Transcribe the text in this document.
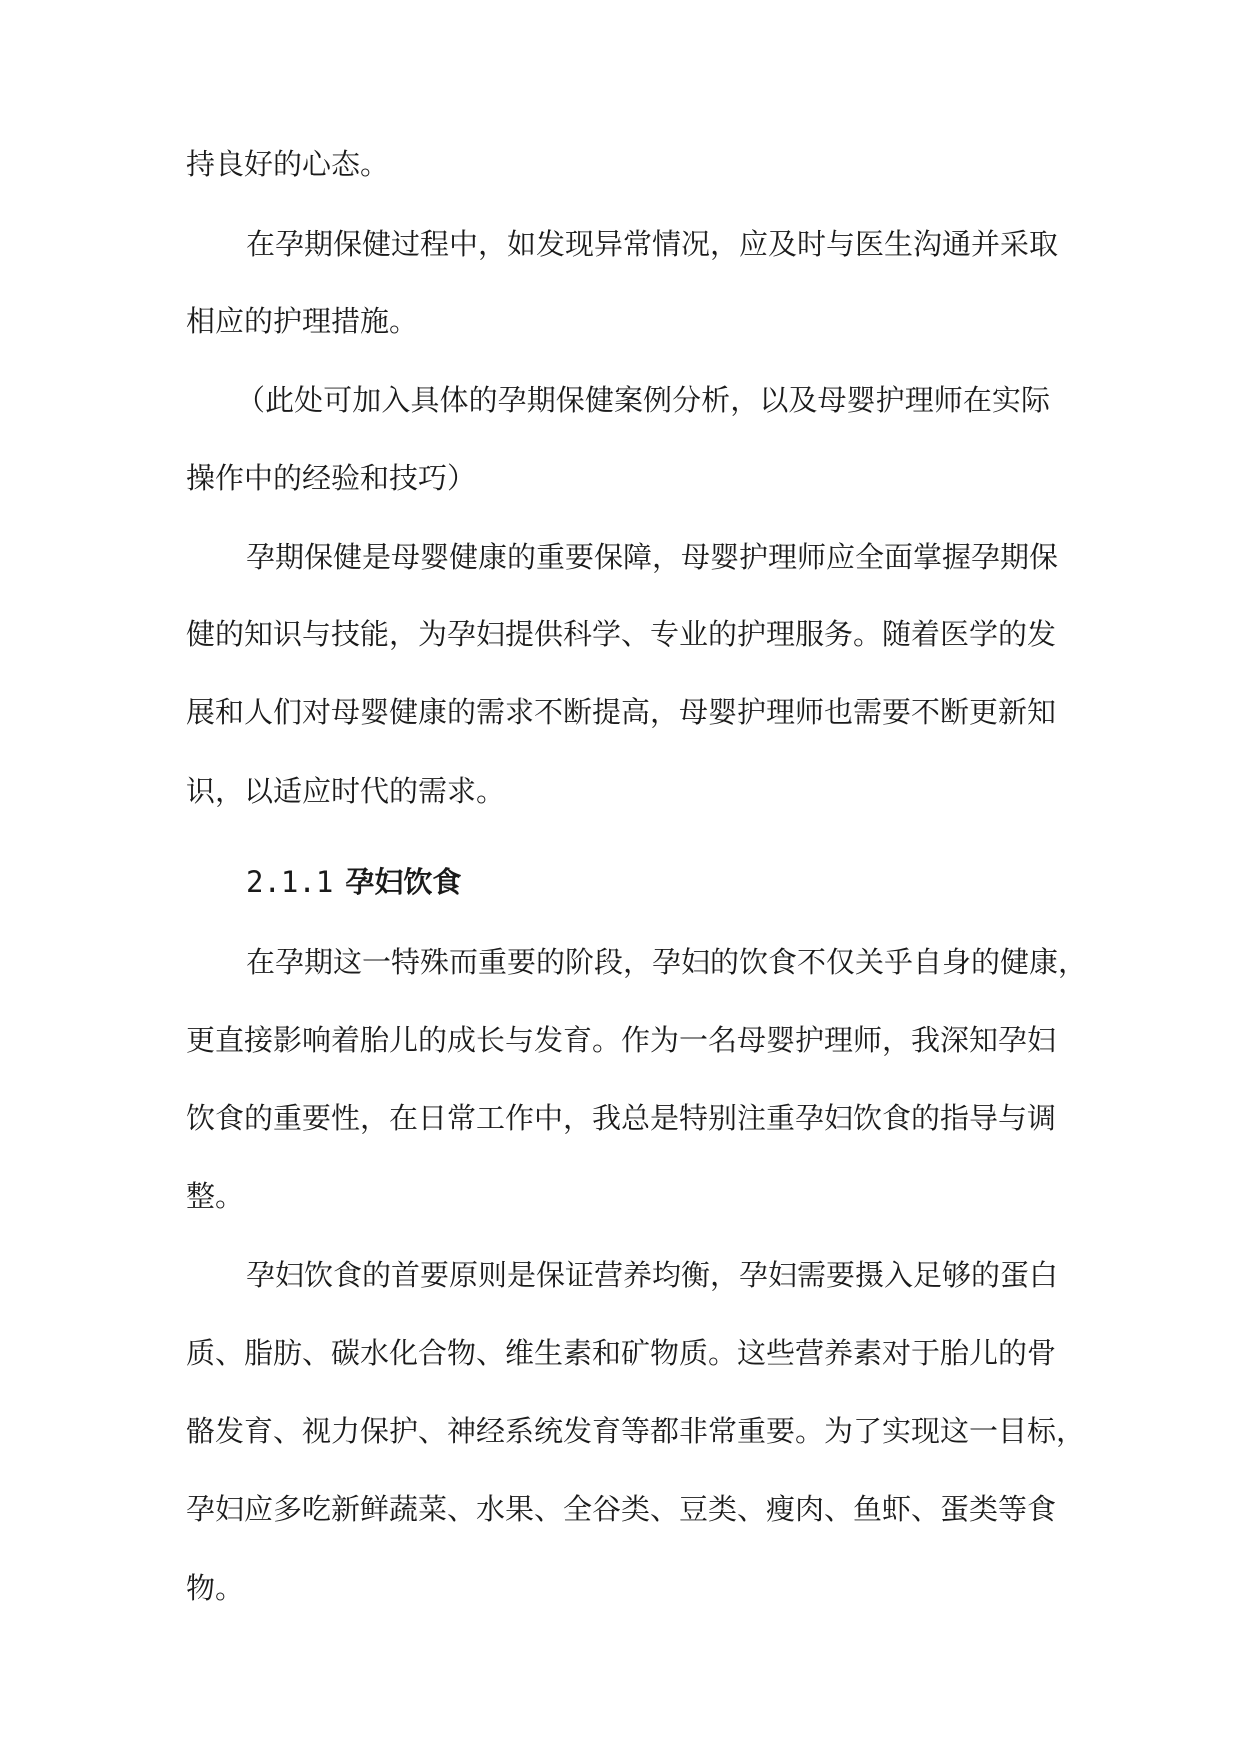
持良好的心态。
在孕期保健过程中，如发现异常情况，应及时与医生沟通并采取
相应的护理措施。
（此处可加入具体的孕期保健案例分析，以及母婴护理师在实际
操作中的经验和技巧）
孕期保健是母婴健康的重要保障，母婴护理师应全面掌握孕期保
健的知识与技能，为孕妇提供科学、专业的护理服务。随着医学的发
展和人们对母婴健康的需求不断提高，母婴护理师也需要不断更新知
识，以适应时代的需求。
2.1.1 孕妇饮食
在孕期这一特殊而重要的阶段，孕妇的饮食不仅关乎自身的健康，
更直接影响着胎儿的成长与发育。作为一名母婴护理师，我深知孕妇
饮食的重要性，在日常工作中，我总是特别注重孕妇饮食的指导与调
整。
孕妇饮食的首要原则是保证营养均衡，孕妇需要摄入足够的蛋白
质、脂肪、碳水化合物、维生素和矿物质。这些营养素对于胎儿的骨
骼发育、视力保护、神经系统发育等都非常重要。为了实现这一目标，
孕妇应多吃新鲜蔬菜、水果、全谷类、豆类、瘦肉、鱼虾、蛋类等食
物。
